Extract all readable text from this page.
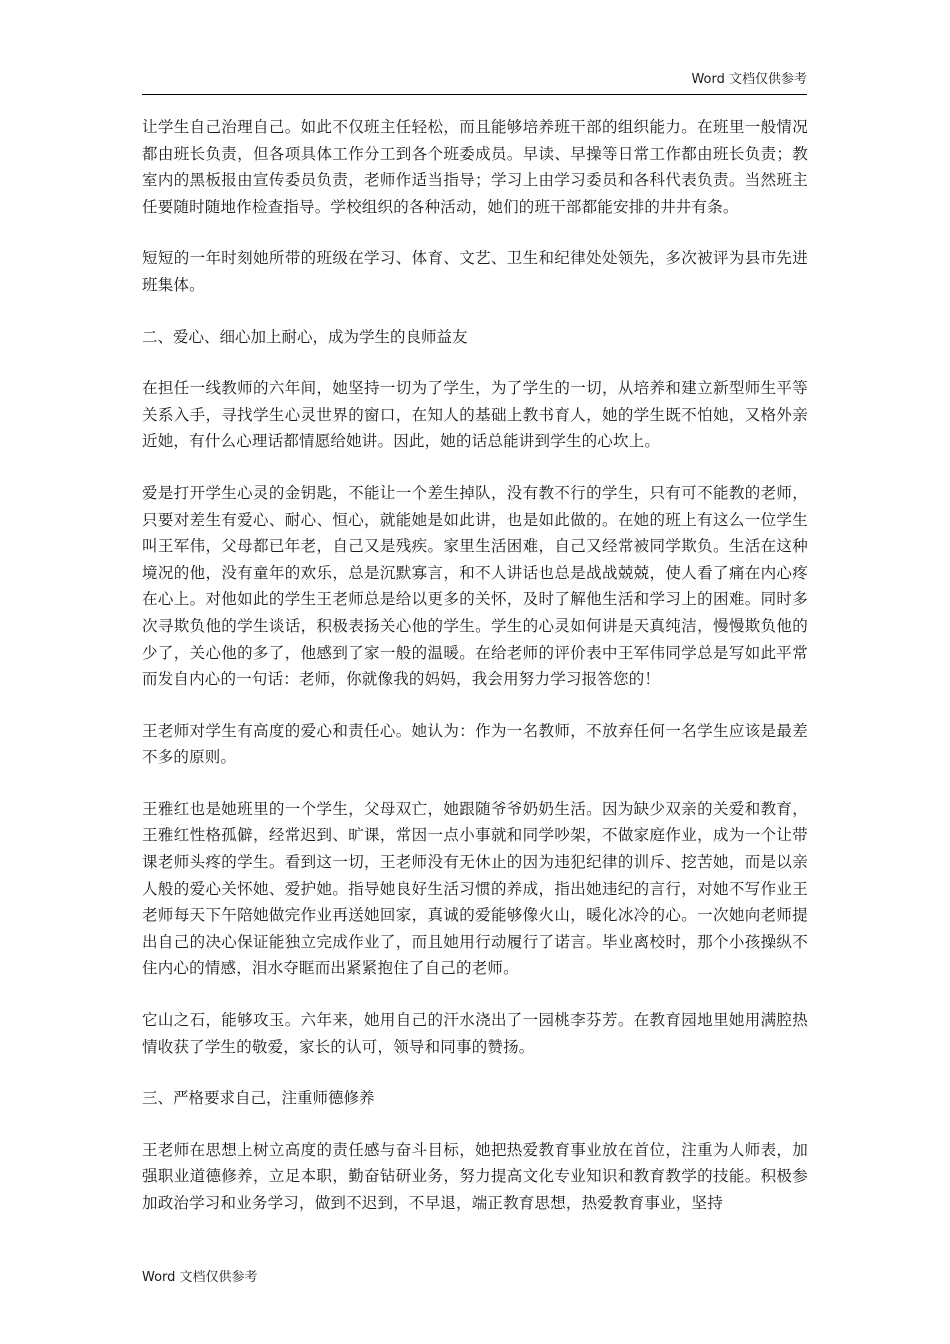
Word 文档仅供参考

让学生自己治理自己。如此不仅班主任轻松，而且能够培养班干部的组织能力。在班里一般情况都由班长负责，但各项具体工作分工到各个班委成员。早读、早操等日常工作都由班长负责；教室内的黑板报由宣传委员负责，老师作适当指导；学习上由学习委员和各科代表负责。当然班主任要随时随地作检查指导。学校组织的各种活动，她们的班干部都能安排的井井有条。

短短的一年时刻她所带的班级在学习、体育、文艺、卫生和纪律处处领先，多次被评为县市先进班集体。

二、爱心、细心加上耐心，成为学生的良师益友

在担任一线教师的六年间，她坚持一切为了学生，为了学生的一切，从培养和建立新型师生平等关系入手，寻找学生心灵世界的窗口，在知人的基础上教书育人，她的学生既不怕她，又格外亲近她，有什么心理话都情愿给她讲。因此，她的话总能讲到学生的心坎上。

爱是打开学生心灵的金钥匙，不能让一个差生掉队，没有教不行的学生，只有可不能教的老师，只要对差生有爱心、耐心、恒心，就能她是如此讲，也是如此做的。在她的班上有这么一位学生叫王军伟，父母都已年老，自己又是残疾。家里生活困难，自己又经常被同学欺负。生活在这种境况的他，没有童年的欢乐，总是沉默寡言，和不人讲话也总是战战兢兢，使人看了痛在内心疼在心上。对他如此的学生王老师总是给以更多的关怀，及时了解他生活和学习上的困难。同时多次寻欺负他的学生谈话，积极表扬关心他的学生。学生的心灵如何讲是天真纯洁，慢慢欺负他的少了，关心他的多了，他感到了家一般的温暖。在给老师的评价表中王军伟同学总是写如此平常而发自内心的一句话：老师，你就像我的妈妈，我会用努力学习报答您的！

王老师对学生有高度的爱心和责任心。她认为：作为一名教师，不放弃任何一名学生应该是最差不多的原则。

王雅红也是她班里的一个学生，父母双亡，她跟随爷爷奶奶生活。因为缺少双亲的关爱和教育，王雅红性格孤僻，经常迟到、旷课，常因一点小事就和同学吵架，不做家庭作业，成为一个让带课老师头疼的学生。看到这一切，王老师没有无休止的因为违犯纪律的训斥、挖苦她，而是以亲人般的爱心关怀她、爱护她。指导她良好生活习惯的养成，指出她违纪的言行，对她不写作业王老师每天下午陪她做完作业再送她回家，真诚的爱能够像火山，暖化冰冷的心。一次她向老师提出自己的决心保证能独立完成作业了，而且她用行动履行了诺言。毕业离校时，那个小孩操纵不住内心的情感，泪水夺眶而出紧紧抱住了自己的老师。

它山之石，能够攻玉。六年来，她用自己的汗水浇出了一园桃李芬芳。在教育园地里她用满腔热情收获了学生的敬爱，家长的认可，领导和同事的赞扬。

三、严格要求自己，注重师德修养

王老师在思想上树立高度的责任感与奋斗目标，她把热爱教育事业放在首位，注重为人师表，加强职业道德修养，立足本职，勤奋钻研业务，努力提高文化专业知识和教育教学的技能。积极参加政治学习和业务学习，做到不迟到，不早退，端正教育思想，热爱教育事业，坚持

Word 文档仅供参考
